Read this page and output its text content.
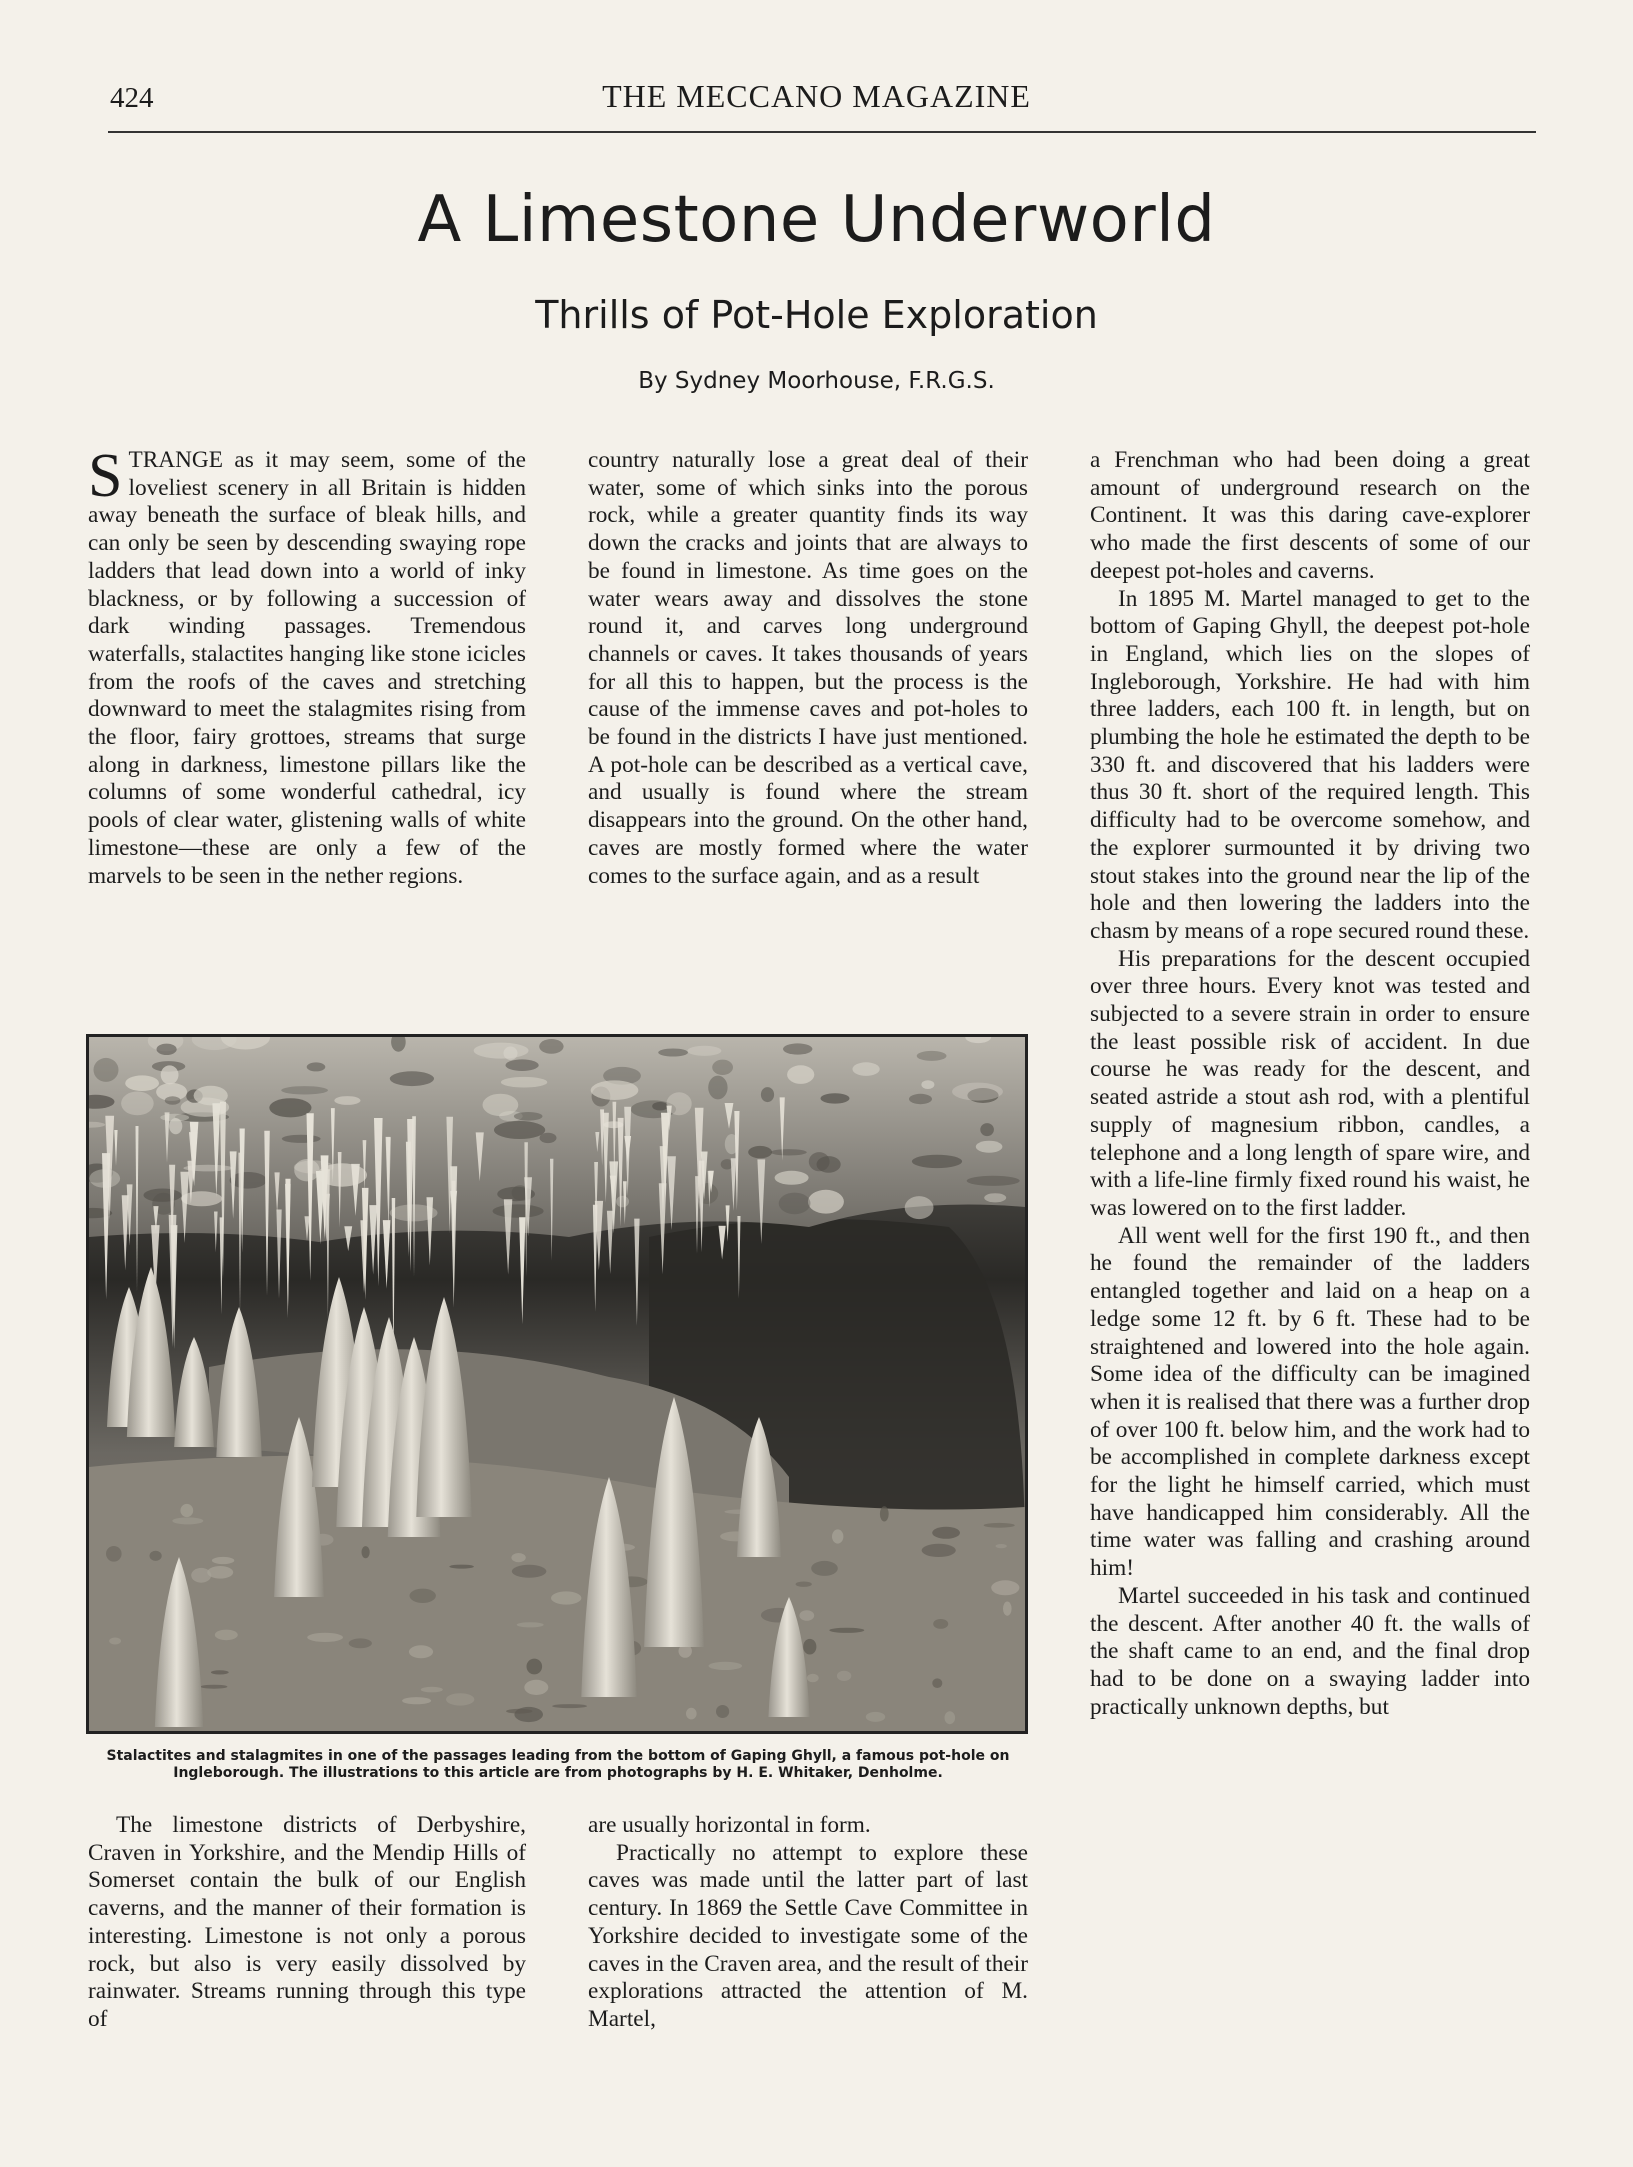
424	THE MECCANO MAGAZINE
A Limestone Underworld
Thrills of Pot-Hole Exploration
By Sydney Moorhouse, F.R.G.S.

STRANGE as it may seem, some of the loveliest scenery in all Britain is hidden away beneath the surface of bleak hills, and can only be seen by descending swaying rope ladders that lead down into a world of inky blackness, or by following a succession of dark winding passages. Tremendous waterfalls, stalactites hanging like stone icicles from the roofs of the caves and stretching downward to meet the stalagmites rising from the floor, fairy grottoes, streams that surge along in darkness, limestone pillars like the columns of some wonderful cathedral, icy pools of clear water, glistening walls of white limestone—these are only a few of the marvels to be seen in the nether regions.

country naturally lose a great deal of their water, some of which sinks into the porous rock, while a greater quantity finds its way down the cracks and joints that are always to be found in limestone. As time goes on the water wears away and dissolves the stone round it, and carves long underground channels or caves. It takes thousands of years for all this to happen, but the process is the cause of the immense caves and pot-holes to be found in the districts I have just mentioned. A pot-hole can be described as a vertical cave, and usually is found where the stream disappears into the ground. On the other hand, caves are mostly formed where the water comes to the surface again, and as a result

a Frenchman who had been doing a great amount of underground research on the Continent. It was this daring cave-explorer who made the first descents of some of our deepest pot-holes and caverns.

In 1895 M. Martel managed to get to the bottom of Gaping Ghyll, the deepest pot-hole in England, which lies on the slopes of Ingleborough, Yorkshire. He had with him three ladders, each 100 ft. in length, but on plumbing the hole he estimated the depth to be 330 ft. and discovered that his ladders were thus 30 ft. short of the required length. This difficulty had to be overcome somehow, and the explorer surmounted it by driving two stout stakes into the ground near the lip of the hole and then lowering the ladders into the chasm by means of a rope secured round these.

His preparations for the descent occupied over three hours. Every knot was tested and subjected to a severe strain in order to ensure the least possible risk of accident. In due course he was ready for the descent, and seated astride a stout ash rod, with a plentiful supply of magnesium ribbon, candles, a telephone and a long length of spare wire, and with a life-line firmly fixed round his waist, he was lowered on to the first ladder.

All went well for the first 190 ft., and then he found the remainder of the ladders entangled together and laid on a heap on a ledge some 12 ft. by 6 ft. These had to be straightened and lowered into the hole again. Some idea of the difficulty can be imagined when it is realised that there was a further drop of over 100 ft. below him, and the work had to be accomplished in complete darkness except for the light he himself carried, which must have handicapped him considerably. All the time water was falling and crashing around him!

Martel succeeded in his task and continued the descent. After another 40 ft. the walls of the shaft came to an end, and the final drop had to be done on a swaying ladder into practically unknown depths, but

Stalactites and stalagmites in one of the passages leading from the bottom of Gaping Ghyll, a famous pot-hole on Ingleborough. The illustrations to this article are from photographs by H. E. Whitaker, Denholme.

The limestone districts of Derbyshire, Craven in Yorkshire, and the Mendip Hills of Somerset contain the bulk of our English caverns, and the manner of their formation is interesting. Limestone is not only a porous rock, but also is very easily dissolved by rainwater. Streams running through this type of

are usually horizontal in form.

Practically no attempt to explore these caves was made until the latter part of last century. In 1869 the Settle Cave Committee in Yorkshire decided to investigate some of the caves in the Craven area, and the result of their explorations attracted the attention of M. Martel,
